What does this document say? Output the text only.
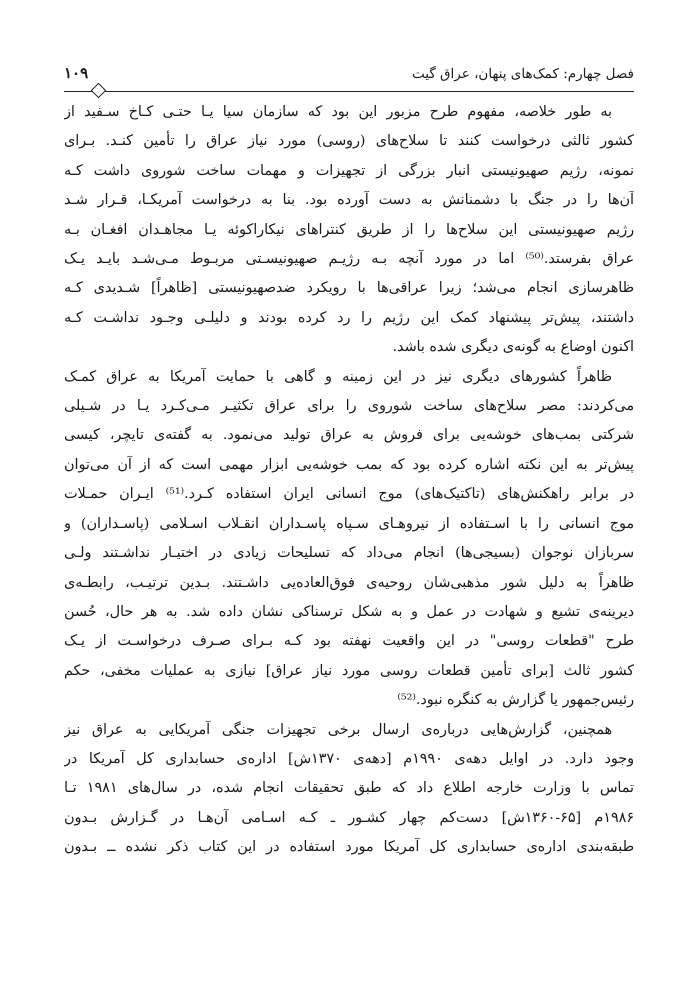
فصل چهارم: کمک‌های پنهان، عراق گیت
۱۰۹
به طور خلاصه، مفهوم طرح مزبور این بود که سازمان سیا یـا حتـی کـاخ سـفید از
کشور ثالثی درخواست کنند تا سلاح‌های (روسی) مورد نیاز عراق را تأمین کنـد. بـرای
نمونه، رژیم صهیونیستی انبار بزرگی از تجهیزات و مهمات ساخت شوروی داشت کـه
آن‌ها را در جنگ با دشمنانش به دست آورده بود. بنا به درخواست آمریکـا، قـرار شـد
رژیم صهیونیستی این سلاح‌ها را از طریق کنتراهای نیکاراکوئه یـا مجاهـدان افغـان بـه
عراق بفرستد.⁽⁵⁰⁾ اما در مورد آنچه بـه رژیـم صهیونیسـتی مربـوط مـی‌شـد بایـد یـک
ظاهرسازی انجام می‌شد؛ زیرا عراقی‌ها با رویکرد ضدصهیونیستی [ظاهراً] شـدیدی کـه
داشتند، پیش‌تر پیشنهاد کمک این رژیم را رد کرده بودند و دلیلـی وجـود نداشـت کـه
اکنون اوضاع به گونه‌ی دیگری شده باشد.
ظاهراً کشورهای دیگری نیز در این زمینه و گاهی با حمایت آمریکا به عراق کمـک
می‌کردند: مصر سلاح‌های ساخت شوروی را برای عراق تکثیـر مـی‌کـرد یـا در شـیلی
شرکتی بمب‌های خوشه‌یی برای فروش به عراق تولید می‌نمود. به گفته‌ی تایچر، کیسی
پیش‌تر به این نکته اشاره کرده بود که بمب خوشه‌یی ابزار مهمی است که از آن می‌توان
در برابر راهکنش‌های (تاکتیک‌های) موج انسانی ایران استفاده کـرد.⁽⁵¹⁾ ایـران حمـلات
موج انسانی را با اسـتفاده از نیروهـای سـپاه پاسـداران انقـلاب اسـلامی (پاسـداران) و
سربازان نوجوان (بسیجی‌ها) انجام می‌داد که تسلیحات زیادی در اختیـار نداشـتند ولـی
ظاهراً به دلیل شور مذهبی‌شان روحیه‌ی فوق‌العاده‌یی داشـتند. بـدین ترتیـب، رابطـه‌ی
دیرینه‌ی تشیع و شهادت در عمل و به شکل ترسناکی نشان داده شد. به هر حال، حُسن
طرح "قطعات روسی" در این واقعیت نهفته بود کـه بـرای صـرف درخواسـت از یـک
کشور ثالث [برای تأمین قطعات روسی مورد نیاز عراق] نیازی به عملیات مخفی، حکم
رئیس‌جمهور یا گزارش به کنگره نبود.⁽⁵²⁾
همچنین، گزارش‌هایی درباره‌ی ارسال برخی تجهیزات جنگی آمریکایی به عراق نیز
وجود دارد. در اوایل دهه‌ی ۱۹۹۰م [دهه‌ی ۱۳۷۰ش] اداره‌ی حسابداری کل آمریکا در
تماس با وزارت خارجه اطلاع داد که طبق تحقیقات انجام شده، در سال‌های ۱۹۸۱ تـا
۱۹۸۶م [۶۵-۱۳۶۰ش] دست‌کم چهار کشـور ـ کـه اسـامی آن‌هـا در گـزارش بـدون
طبقه‌بندی اداره‌ی حسابداری کل آمریکا مورد استفاده در این کتاب ذکر نشده ــ بـدون
